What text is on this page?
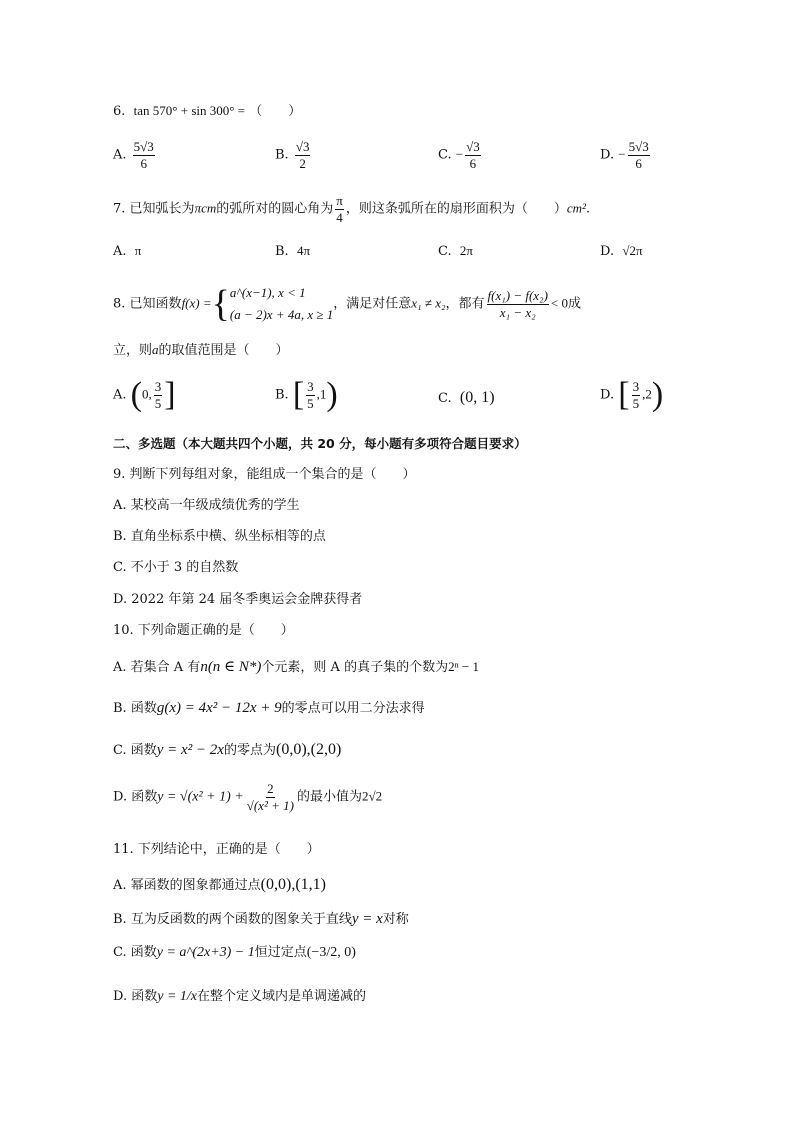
6. tan 570° + sin 300° = （　　）
A. $\frac{5√3}{6}$	B. $\frac{√3}{2}$	C. − $\frac{√3}{6}$	D. − $\frac{5√3}{6}$
7. 已知弧长为πcm的弧所对的圆心角为 $\frac{\pi}{4}$ ，则这条弧所在的扇形面积为（　　）cm².
A. π	B. 4π	C. 2π	D. √2π
8. 已知函数f(x) ={ a^(x−1), x < 1
(a − 2)x + 4a, x ≥ 1
，满足对任意x₁ ≠ x₂，都有 $\frac{\text{f(x₁) − f(x₂)}}{\text{x₁ − x₂}} < 0$成
立，则a的取值范围是（　　）
A. (0, $\frac{3}{5}$ ]	B. [ $\frac{3}{5} ,1$)	C. (0, 1)	D. [ $\frac{3}{5} ,2$)
二、多选题（本大题共四个小题，共 20 分，每小题有多项符合题目要求）
9. 判断下列每组对象，能组成一个集合的是（　　）
A. 某校高一年级成绩优秀的学生
B. 直角坐标系中横、纵坐标相等的点
C. 不小于 3 的自然数
D. 2022 年第 24 届冬季奥运会金牌获得者
10. 下列命题正确的是（　　）
A. 若集合 A 有n(n ∈ N*)个元素，则 A 的真子集的个数为2ⁿ − 1
B. 函数g(x) = 4x² − 12x + 9的零点可以用二分法求得
C. 函数y = x² − 2x的零点为(0,0),(2,0)
D. 函数$y = √(x^2 + 1) + \frac{2}{\text{√(x² + 1)}}$ 的最小值为2√2
11. 下列结论中，正确的是（　　）
A. 幂函数的图象都通过点(0,0),(1,1)
B. 互为反函数的两个函数的图象关于直线y = x对称
C. 函数y = a^(2x+3) − 1恒过定点(−3/2, 0)
D. 函数y = 1/x在整个定义域内是单调递减的
